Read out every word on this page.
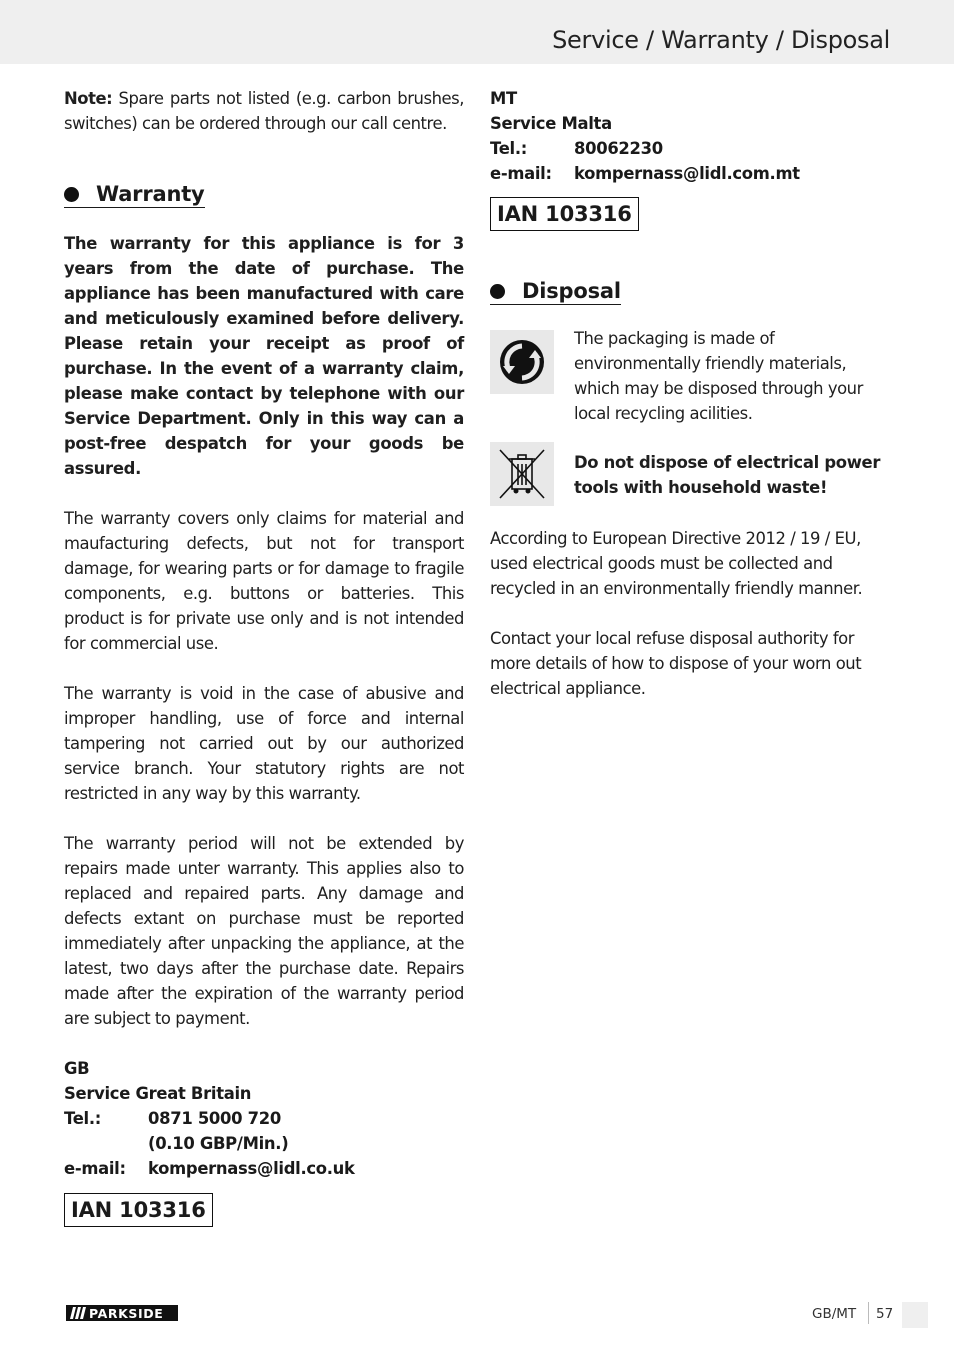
Service / Warranty / Disposal

Note: Spare parts not listed (e.g. carbon brushes, switches) can be ordered through our call centre.

Warranty

The warranty for this appliance is for 3 years from the date of purchase. The appliance has been manufactured with care and meticulously examined before delivery. Please retain your receipt as proof of purchase. In the event of a warranty claim, please make contact by telephone with our Service Department. Only in this way can a post-free despatch for your goods be assured.

The warranty covers only claims for material and maufacturing defects, but not for transport damage, for wearing parts or for damage to fragile components, e.g. buttons or batteries. This product is for private use only and is not intended for commercial use.

The warranty is void in the case of abusive and improper handling, use of force and internal tampering not carried out by our authorized service branch. Your statutory rights are not restricted in any way by this warranty.

The warranty period will not be extended by repairs made unter warranty. This applies also to replaced and repaired parts. Any damage and defects extant on purchase must be reported immediately after unpacking the appliance, at the latest, two days after the purchase date. Repairs made after the expiration of the warranty period are subject to payment.

GB
Service Great Britain
Tel.:	0871 5000 720
(0.10 GBP/Min.)
e-mail:	kompernass@lidl.co.uk
IAN 103316
MT
Service Malta
Tel.:	80062230
e-mail:	kompernass@lidl.com.mt
IAN 103316
Disposal

The packaging is made of environmentally friendly materials, which may be disposed through your local recycling acilities.

Do not dispose of electrical power tools with household waste!

According to European Directive 2012 / 19 / EU, used electrical goods must be collected and recycled in an environmentally friendly manner.

Contact your local refuse disposal authority for more details of how to dispose of your worn out electrical appliance.

PARKSIDE	GB/MT 57
